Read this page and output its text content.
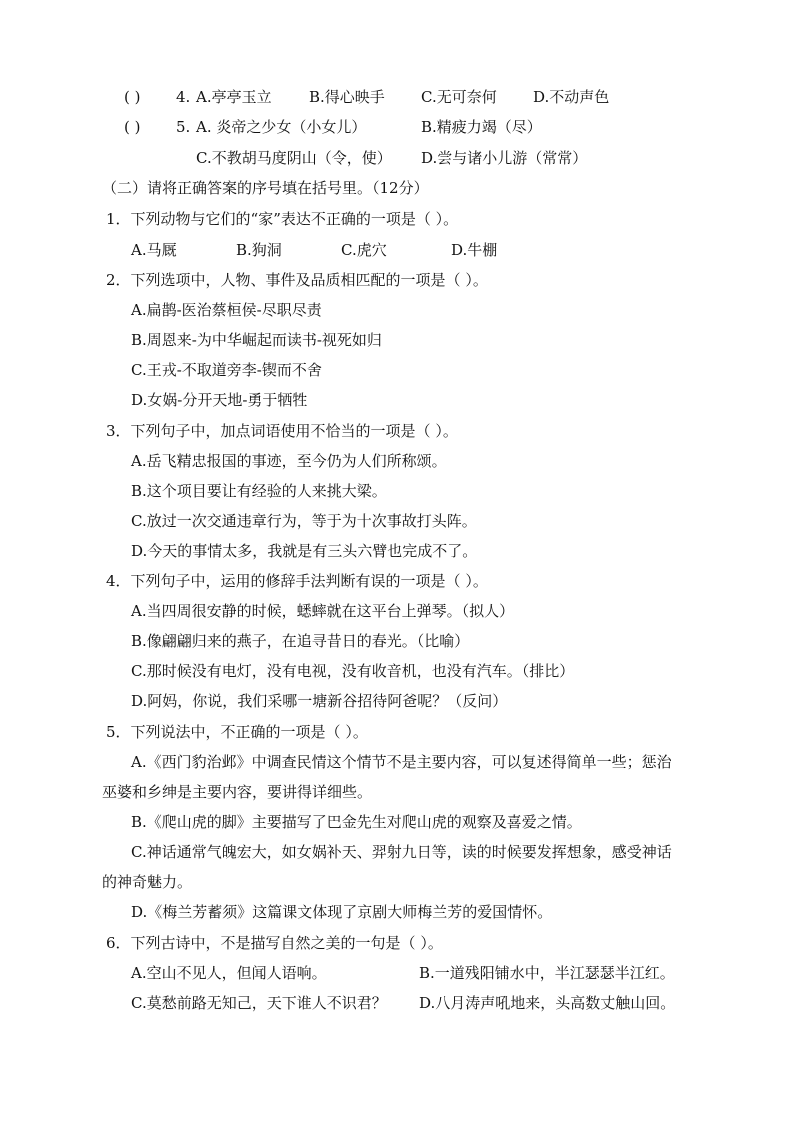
( ) 4. A.亭亭玉立 B.得心映手 C.无可奈何 D.不动声色
( ) 5. A. 炎帝之少女（小女儿）	B.精疲力竭（尽）
C.不教胡马度阴山（令，使） D.尝与诸小儿游（常常）
（二）请将正确答案的序号填在括号里。（12分）
1．下列动物与它们的“家”表达不正确的一项是（ ）。
A.马厩	B.狗洞	C.虎穴	D.牛棚
2．下列选项中，人物、事件及品质相匹配的一项是（ ）。
A.扁鹊-医治蔡桓侯-尽职尽责
B.周恩来-为中华崛起而读书-视死如归
C.王戎-不取道旁李-锲而不舍
D.女娲-分开天地-勇于牺牲
3．下列句子中，加点词语使用不恰当的一项是（ ）。
A.岳飞精忠报国的事迹，至今仍为人们所称颂。
B.这个项目要让有经验的人来挑大梁。
C.放过一次交通违章行为，等于为十次事故打头阵。
D.今天的事情太多，我就是有三头六臂也完成不了。
4．下列句子中，运用的修辞手法判断有误的一项是（ ）。
A.当四周很安静的时候，蟋蟀就在这平台上弹琴。（拟人）
B.像翩翩归来的燕子，在追寻昔日的春光。（比喻）
C.那时候没有电灯，没有电视，没有收音机，也没有汽车。（排比）
D.阿妈，你说，我们采哪一塘新谷招待阿爸呢？（反问）
5．下列说法中，不正确的一项是（ ）。
A.《西门豹治邺》中调查民情这个情节不是主要内容，可以复述得简单一些；惩治
巫婆和乡绅是主要内容，要讲得详细些。
B.《爬山虎的脚》主要描写了巴金先生对爬山虎的观察及喜爱之情。
C.神话通常气魄宏大，如女娲补天、羿射九日等，读的时候要发挥想象，感受神话
的神奇魅力。
D.《梅兰芳蓄须》这篇课文体现了京剧大师梅兰芳的爱国情怀。
6．下列古诗中，不是描写自然之美的一句是（ ）。
A.空山不见人，但闻人语响。	B.一道残阳铺水中，半江瑟瑟半江红。
C.莫愁前路无知己，天下谁人不识君？ D.八月涛声吼地来，头高数丈触山回。
